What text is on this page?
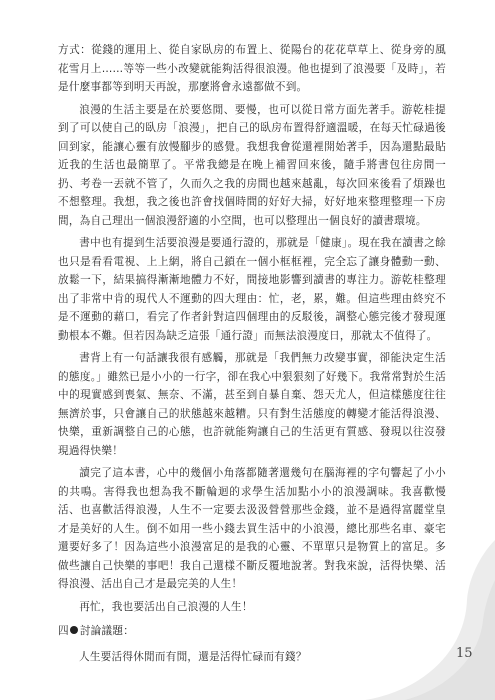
方式：從錢的運用上、從自家臥房的布置上、從陽台的花花草草上、從身旁的風花雪月上……等等一些小改變就能夠活得很浪漫。他也提到了浪漫要「及時」，若是什麼事都等到明天再說，那麼將會永遠都做不到。

浪漫的生活主要是在於要悠閒、要慢，也可以從日常方面先著手。游乾桂提到了可以使自己的臥房「浪漫」，把自己的臥房布置得舒適溫暖，在每天忙碌過後回到家，能讓心靈有放慢腳步的感覺。我想我會從還裡開始著手，因為還點最貼近我的生活也最簡單了。平常我總是在晚上補習回來後，隨手將書包往房間一扔、考卷一丟就不管了，久而久之我的房間也越來越亂，每次回來後看了煩躁也不想整理。我想，我之後也許會找個時間的好好大掃，好好地來整理整理一下房間，為自己理出一個浪漫舒適的小空間，也可以整理出一個良好的讀書環境。

書中也有提到生活要浪漫是要通行證的，那就是「健康」。現在我在讀書之餘也只是看看電視、上上網，將自己鎖在一個小框框裡，完全忘了讓身體動一動、放鬆一下，結果搞得漸漸地體力不好，間接地影響到讀書的專注力。游乾桂整理出了非常中肯的現代人不運動的四大理由：忙，老，累，難。但這些理由終究不是不運動的藉口，看完了作者針對這四個理由的反駁後，調整心態完後才發現運動根本不難。但若因為缺乏這張「通行證」而無法浪漫度日，那就太不值得了。

書背上有一句話讓我很有感觸，那就是「我們無力改變事實，卻能決定生活的態度。」雖然已是小小的一行字，卻在我心中狠狠刻了好幾下。我常常對於生活中的現實感到喪氣、無奈、不滿，甚至到自暴自棄、怨天尤人，但這樣態度往往無濟於事，只會讓自己的狀態越來越糟。只有對生活態度的轉變才能活得浪漫、快樂，重新調整自己的心態，也許就能夠讓自己的生活更有質感、發現以往沒發現過得快樂！

讀完了這本書，心中的幾個小角落都隨著還幾句在腦海裡的字句響起了小小的共鳴。害得我也想為我不斷輪迴的求學生活加點小小的浪漫調味。我喜歡慢活、也喜歡活得浪漫，人生不一定要去汲汲營營那些金錢，並不是過得富麗堂皇才是美好的人生。倒不如用一些小錢去買生活中的小浪漫，總比那些名車、豪宅還要好多了！因為這些小浪漫富足的是我的心靈、不單單只是物質上的富足。多做些讓自己快樂的事吧！我自己還樣不斷反覆地說著。對我來說，活得快樂、活得浪漫、活出自己才是最完美的人生！

再忙，我也要活出自己浪漫的人生！

四 討論議題：

人生要活得休閒而有閒，還是活得忙碌而有錢？	15
